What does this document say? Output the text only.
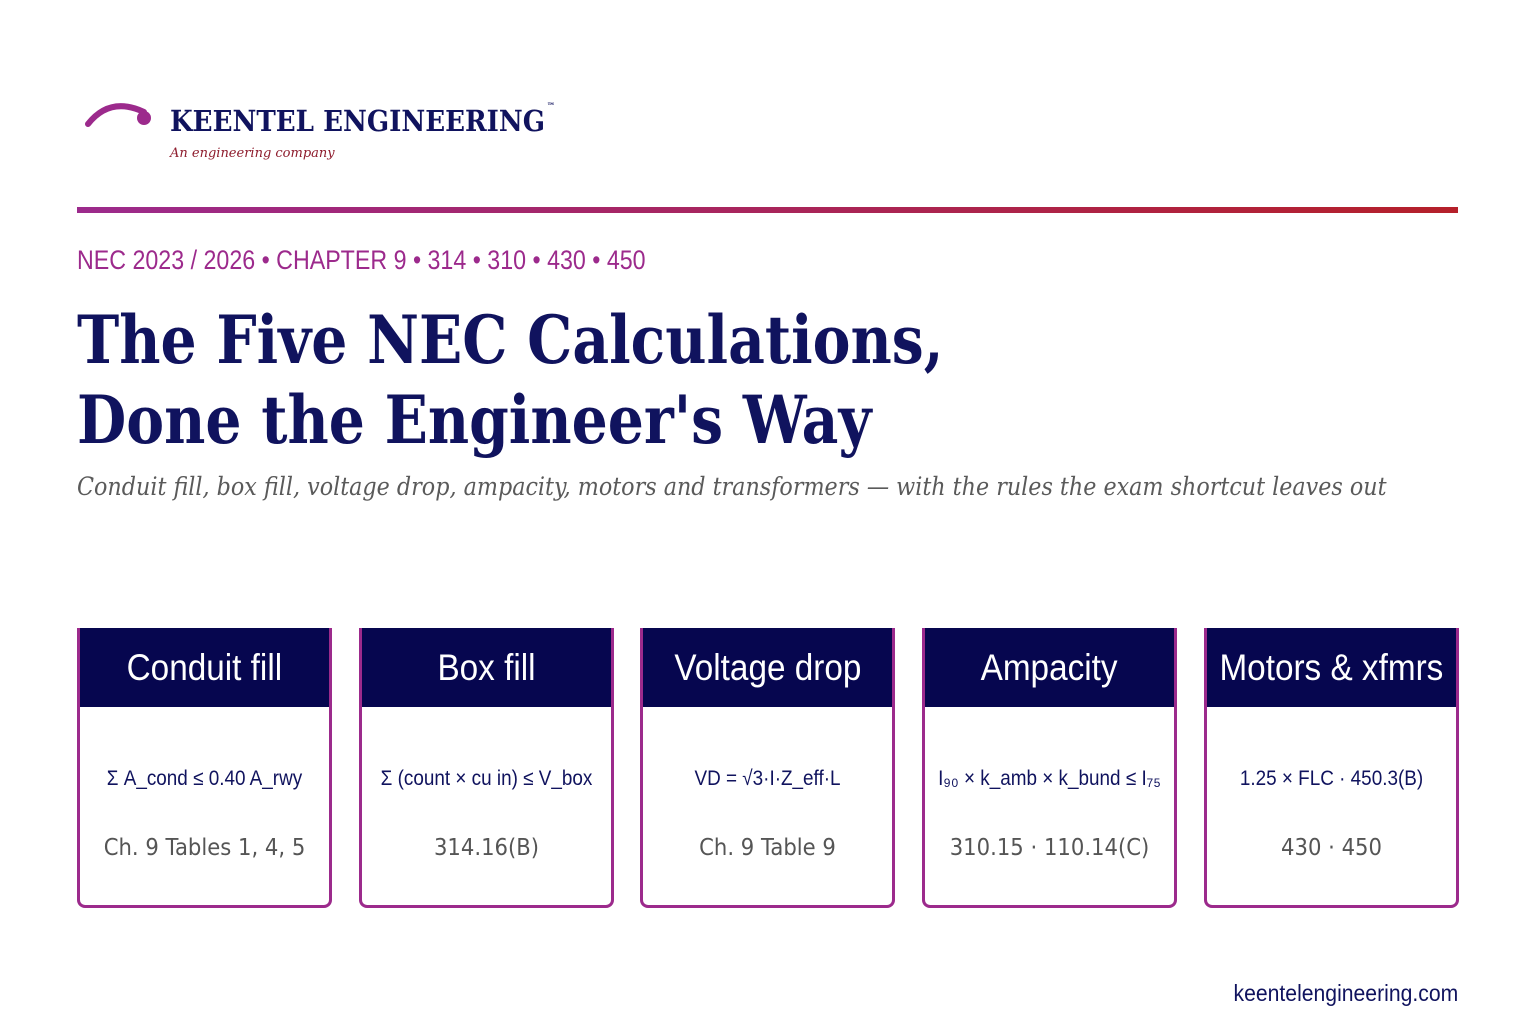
KEENTEL ENGINEERING ™
An engineering company
NEC 2023 / 2026 • CHAPTER 9 • 314 • 310 • 430 • 450
The Five NEC Calculations,
Done the Engineer's Way
Conduit fill, box fill, voltage drop, ampacity, motors and transformers — with the rules the exam shortcut leaves out
Conduit fill
Σ A_cond ≤ 0.40 A_rwy
Ch. 9 Tables 1, 4, 5
Box fill
Σ (count × cu in) ≤ V_box
314.16(B)
Voltage drop
VD = √3·I·Z_eff·L
Ch. 9 Table 9
Ampacity
I₉₀ × k_amb × k_bund ≤ I₇₅
310.15 · 110.14(C)
Motors & xfmrs
1.25 × FLC · 450.3(B)
430 · 450
keentelengineering.com
